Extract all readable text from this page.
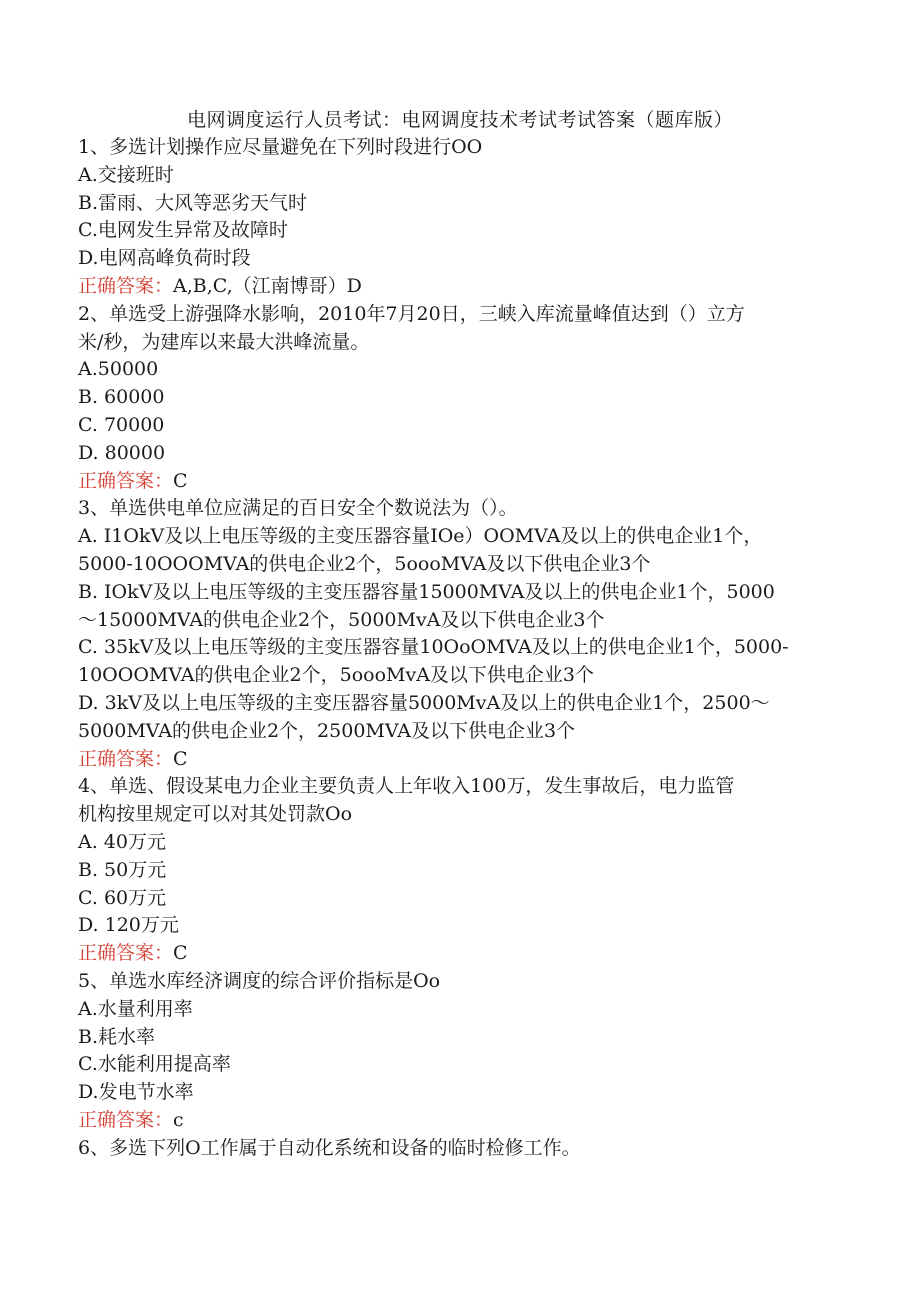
电网调度运行人员考试：电网调度技术考试考试答案（题库版）
1、多选计划操作应尽量避免在下列时段进行OO
A.交接班时
B.雷雨、大风等恶劣天气时
C.电网发生异常及故障时
D.电网高峰负荷时段
正确答案：A,B,C,（江南博哥）D
2、单选受上游强降水影响，2010年7月20日，三峡入库流量峰值达到（）立方
米/秒，为建库以来最大洪峰流量。
A.50000
B. 60000
C. 70000
D. 80000
正确答案：C
3、单选供电单位应满足的百日安全个数说法为（）。
A. I1OkV及以上电压等级的主变压器容量IOe）OOMVA及以上的供电企业1个，
5000-10OOOMVA的供电企业2个，5oooMVA及以下供电企业3个
B. IOkV及以上电压等级的主变压器容量15000MVA及以上的供电企业1个，5000
～15000MVA的供电企业2个，5000MvA及以下供电企业3个
C. 35kV及以上电压等级的主变压器容量10OoOMVA及以上的供电企业1个，5000-
10OOOMVA的供电企业2个，5oooMvA及以下供电企业3个
D. 3kV及以上电压等级的主变压器容量5000MvA及以上的供电企业1个，2500～
5000MVA的供电企业2个，2500MVA及以下供电企业3个
正确答案：C
4、单选、假设某电力企业主要负责人上年收入100万，发生事故后，电力监管
机构按里规定可以对其处罚款Oo
A. 40万元
B. 50万元
C. 60万元
D. 120万元
正确答案：C
5、单选水库经济调度的综合评价指标是Oo
A.水量利用率
B.耗水率
C.水能利用提高率
D.发电节水率
正确答案：c
6、多选下列O工作属于自动化系统和设备的临时检修工作。
